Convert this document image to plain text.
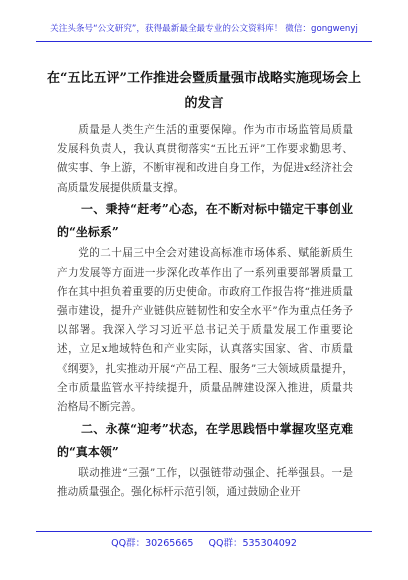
关注头条号“公文研究”，获得最新最全最专业的公文资料库！ 微信：gongwenyj
在“五比五评”工作推进会暨质量强市战略实施现场会上
的发言

质量是人类生产生活的重要保障。作为市市场监管局质量发展科负责人，我认真贯彻落实“五比五评”工作要求勤思考、做实事、争上游，不断审视和改进自身工作，为促进x经济社会高质量发展提供质量支撑。

一、秉持“赶考”心态，在不断对标中锚定干事创业的“坐标系”

党的二十届三中全会对建设高标准市场体系、赋能新质生产力发展等方面进一步深化改革作出了一系列重要部署质量工作在其中担负着重要的历史使命。市政府工作报告将“推进质量强市建设，提升产业链供应链韧性和安全水平”作为重点任务予以部署。我深入学习习近平总书记关于质量发展工作重要论述，立足x地域特色和产业实际，认真落实国家、省、市质量《纲要》，扎实推动开展“产品工程、服务”三大领域质量提升，全市质量监管水平持续提升，质量品牌建设深入推进，质量共治格局不断完善。

二、永葆“迎考”状态，在学思践悟中掌握攻坚克难的“真本领”

联动推进“三强”工作，以强链带动强企、托举强县。一是推动质量强企。强化标杆示范引领，通过鼓励企业开

QQ群：30265665     QQ群：535304092
